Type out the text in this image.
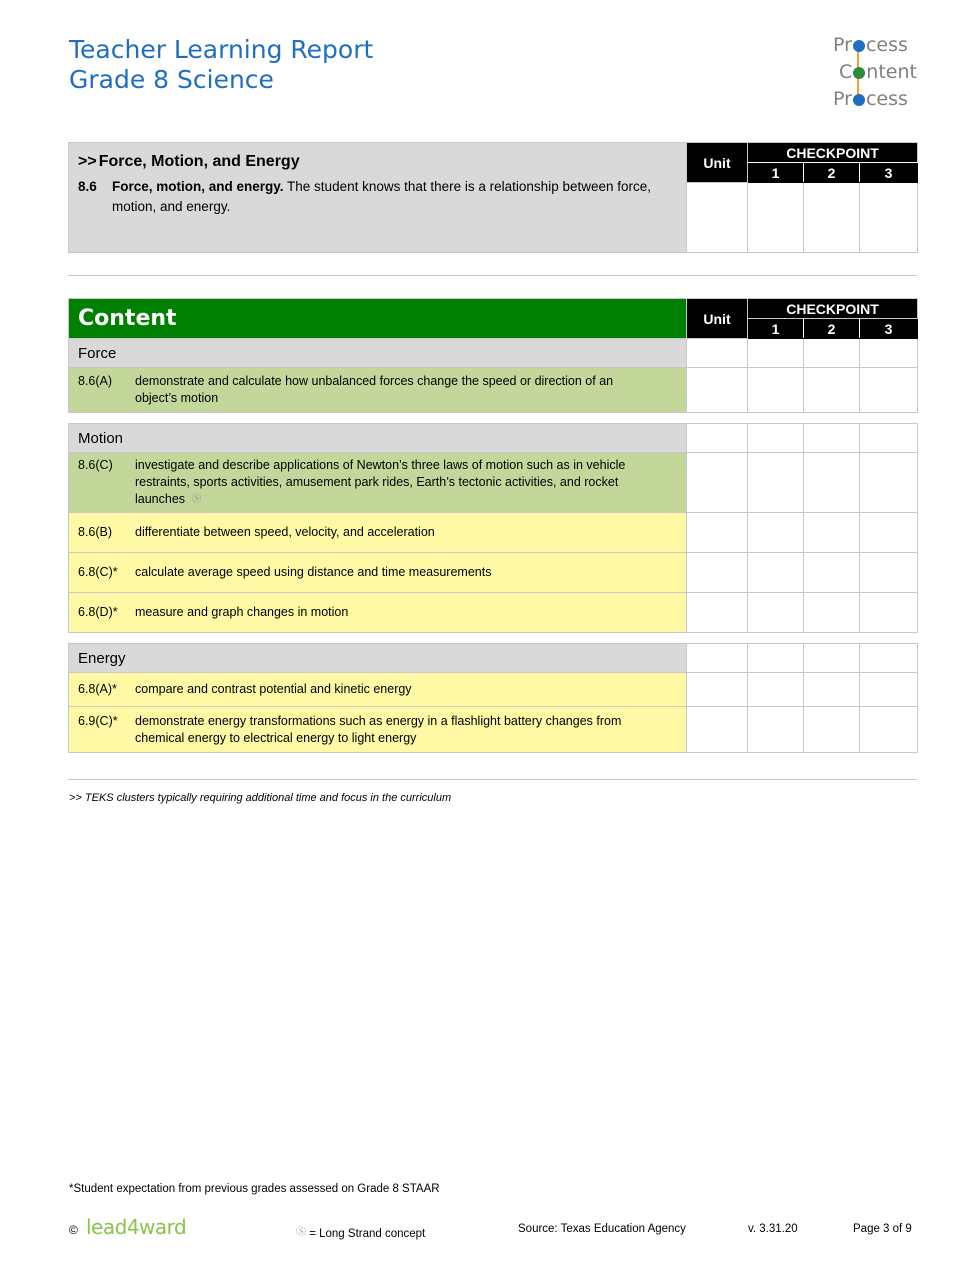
Teacher Learning Report
Grade 8 Science
Pr cess
C ntent
Pr cess
>> Force, Motion, and Energy
8.6 Force, motion, and energy. The student knows that there is a relationship between force, motion, and energy.	Unit	CHECKPOINT		
		1	2	3

Content	Unit	CHECKPOINT		
		1	2	3
Force				
8.6(A) demonstrate and calculate how unbalanced forces change the speed or direction of an object’s motion				

Motion				
8.6(C) investigate and describe applications of Newton’s three laws of motion such as in vehicle restraints, sports activities, amusement park rides, Earth’s tectonic activities, and rocket launches Ⓢ				
8.6(B) differentiate between speed, velocity, and acceleration				
6.8(C)* calculate average speed using distance and time measurements				
6.8(D)* measure and graph changes in motion				

Energy				
6.8(A)* compare and contrast potential and kinetic energy				
6.9(C)* demonstrate energy transformations such as energy in a flashlight battery changes from chemical energy to electrical energy to light energy				
>> TEKS clusters typically requiring additional time and focus in the curriculum
*Student expectation from previous grades assessed on Grade 8 STAAR
© lead4ward	Ⓢ = Long Strand concept	Source: Texas Education Agency	v. 3.31.20	Page 3 of 9
